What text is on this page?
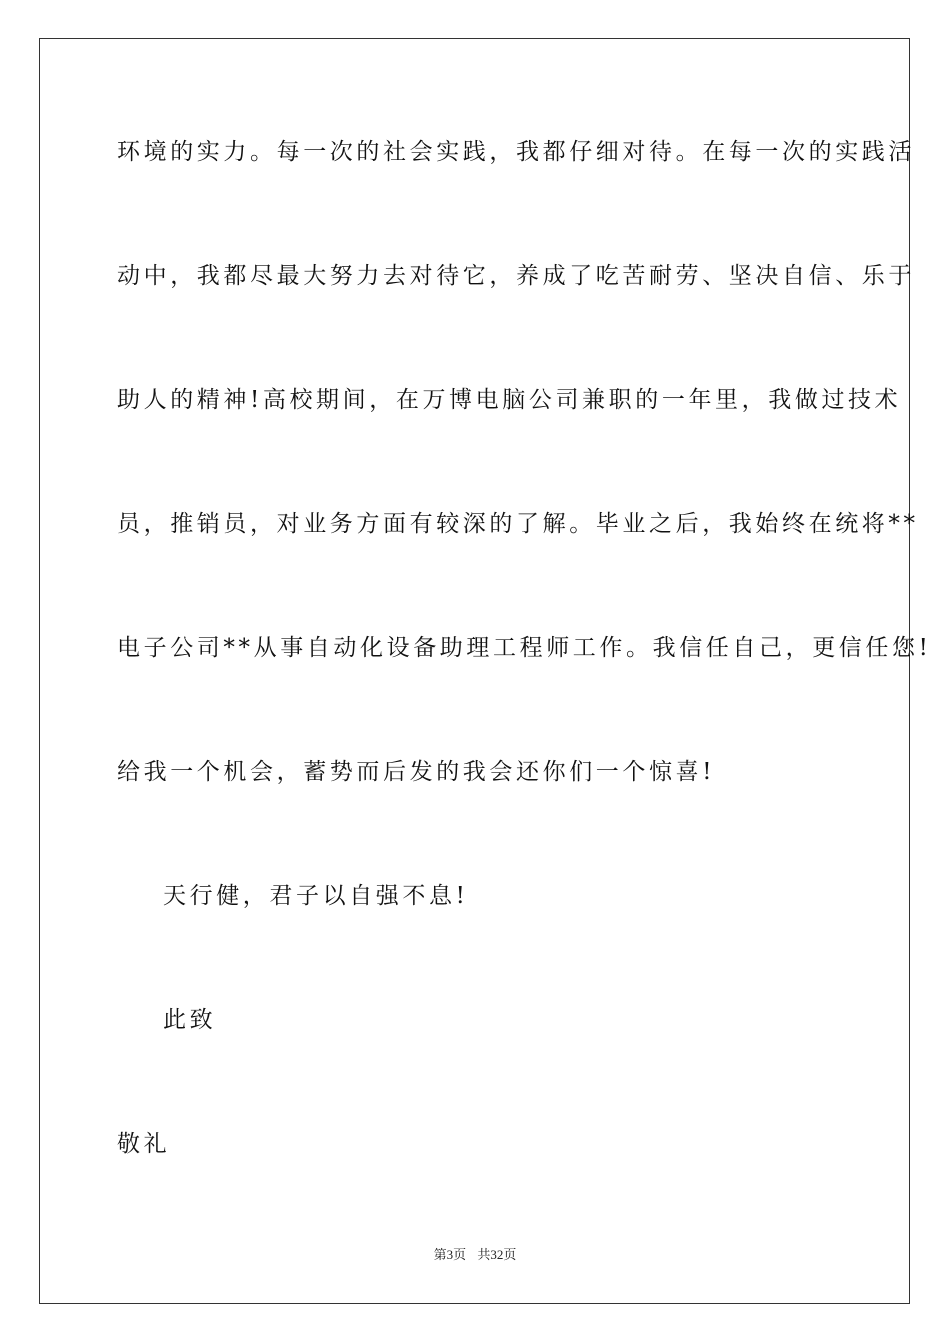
环境的实力。每一次的社会实践，我都仔细对待。在每一次的实践活
动中，我都尽最大努力去对待它，养成了吃苦耐劳、坚决自信、乐于
助人的精神!高校期间，在万博电脑公司兼职的一年里，我做过技术
员，推销员，对业务方面有较深的了解。毕业之后，我始终在统将**
电子公司**从事自动化设备助理工程师工作。我信任自己，更信任您!
给我一个机会，蓄势而后发的我会还你们一个惊喜!
天行健，君子以自强不息!
此致
敬礼
第3页 共32页
